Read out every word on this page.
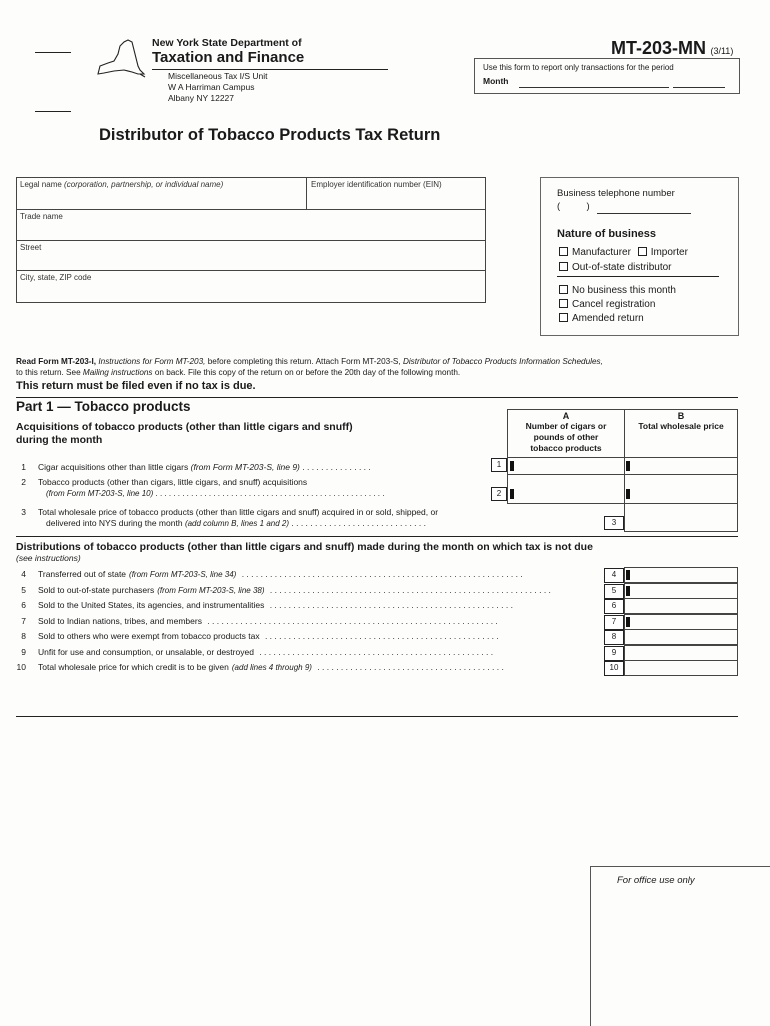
New York State Department of
Taxation and Finance
Miscellaneous Tax I/S Unit
W A Harriman Campus
Albany NY 12227
MT-203-MN (3/11)
Use this form to report only transactions for the period
Month
Distributor of Tobacco Products Tax Return
Legal name (corporation, partnership, or individual name)	Employer identification number (EIN)
Trade name
Street
City, state, ZIP code
Business telephone number
(          )
Nature of business
Manufacturer Importer
Out-of-state distributor
No business this month
Cancel registration
Amended return
Read Form MT-203-I, Instructions for Form MT-203, before completing this return. Attach Form MT-203-S, Distributor of Tobacco Products Information Schedules,
to this return. See Mailing instructions on back. File this copy of the return on or before the 20th day of the following month.
This return must be filed even if no tax is due.
Part 1 — Tobacco products
Acquisitions of tobacco products (other than little cigars and snuff)
during the month
A
Number of cigars or
pounds of other
tobacco products
B
Total wholesale price
1 Cigar acquisitions other than little cigars (from Form MT-203-S, line 9) . . . . . . . . . . . . . . .	1
2 Tobacco products (other than cigars, little cigars, and snuff) acquisitions
(from Form MT-203-S, line 10) . . . . . . . . . . . . . . . . . . . . . . . . . . . . . . . . . . . . . . . . . . . . . . . . . . . .	2
3 Total wholesale price of tobacco products (other than little cigars and snuff) acquired in or sold, shipped, or
delivered into NYS during the month (add column B, lines 1 and 2) . . . . . . . . . . . . . . . . . . . . . . . . . . . . .	3
Distributions of tobacco products (other than little cigars and snuff) made during the month on which tax is not due
(see instructions)
4 Transferred out of state (from Form MT-203-S, line 34) . . . . . . . . . . . . . . . . . . . . . . . . . . . . . . . . . . . . . . . . . . . . . . . . . . . . . . . . . . . .	4
5 Sold to out-of-state purchasers (from Form MT-203-S, line 38) . . . . . . . . . . . . . . . . . . . . . . . . . . . . . . . . . . . . . . . . . . . . . . . . . . . . . . . . . . . .	5
6 Sold to the United States, its agencies, and instrumentalities . . . . . . . . . . . . . . . . . . . . . . . . . . . . . . . . . . . . . . . . . . . . . . . . . . . .	6
7 Sold to Indian nations, tribes, and members . . . . . . . . . . . . . . . . . . . . . . . . . . . . . . . . . . . . . . . . . . . . . . . . . . . . . . . . . . . . . .	7
8 Sold to others who were exempt from tobacco products tax . . . . . . . . . . . . . . . . . . . . . . . . . . . . . . . . . . . . . . . . . . . . . . . . . .	8
9 Unfit for use and consumption, or unsalable, or destroyed . . . . . . . . . . . . . . . . . . . . . . . . . . . . . . . . . . . . . . . . . . . . . . . . . .	9
10 Total wholesale price for which credit is to be given (add lines 4 through 9) . . . . . . . . . . . . . . . . . . . . . . . . . . . . . . . . . . . . . . . .	10
For office use only
